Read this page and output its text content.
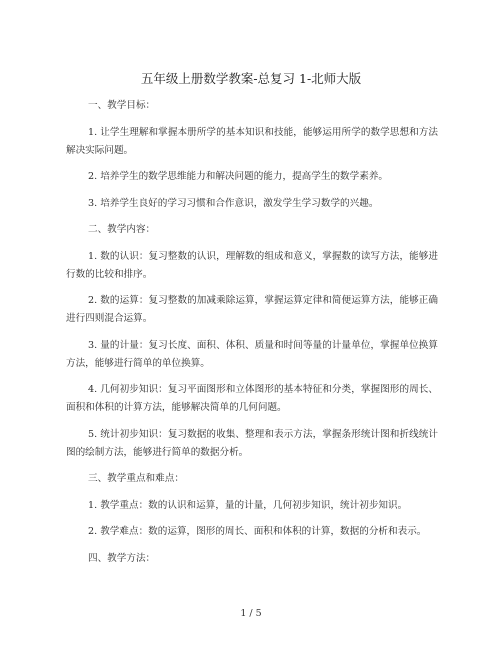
五年级上册数学教案-总复习 1-北师大版
一、教学目标：
1. 让学生理解和掌握本册所学的基本知识和技能，能够运用所学的数学思想和方法解决实际问题。
2. 培养学生的数学思维能力和解决问题的能力，提高学生的数学素养。
3. 培养学生良好的学习习惯和合作意识，激发学生学习数学的兴趣。
二、教学内容：
1. 数的认识：复习整数的认识，理解数的组成和意义，掌握数的读写方法，能够进行数的比较和排序。
2. 数的运算：复习整数的加减乘除运算，掌握运算定律和简便运算方法，能够正确进行四则混合运算。
3. 量的计量：复习长度、面积、体积、质量和时间等量的计量单位，掌握单位换算方法，能够进行简单的单位换算。
4. 几何初步知识：复习平面图形和立体图形的基本特征和分类，掌握图形的周长、面积和体积的计算方法，能够解决简单的几何问题。
5. 统计初步知识：复习数据的收集、整理和表示方法，掌握条形统计图和折线统计图的绘制方法，能够进行简单的数据分析。
三、教学重点和难点：
1. 教学重点：数的认识和运算，量的计量，几何初步知识，统计初步知识。
2. 教学难点：数的运算，图形的周长、面积和体积的计算，数据的分析和表示。
四、教学方法：
1 / 5
